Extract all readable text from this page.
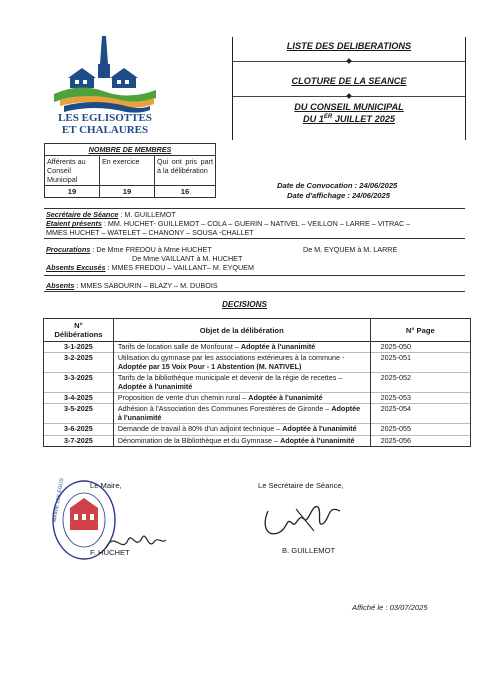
LES EGLISOTTES
ET CHALAURES
LISTE DES DELIBERATIONS
CLOTURE DE LA SEANCE
DU CONSEIL MUNICIPAL
DU 1ER JUILLET 2025
NOMBRE DE MEMBRES		
Afférents au Conseil Municipal	En exercice	Qui ont pris part à la délibération
19	19	16
Date de Convocation : 24/06/2025
Date d'affichage : 24/06/2025
Secrétaire de Séance : M. GUILLEMOT
Etaient présents : MM. HUCHET- GUILLEMOT – COLA – GUERIN – NATIVEL – VEILLON – LARRE – VITRAC –
MMES HUCHET – WATELET – CHANONY – SOUSA -CHALLET
Procurations : De Mme FREDOU à Mme HUCHET	De M. EYQUEM à M. LARRE
De Mme VAILLANT à M. HUCHET
Absents Excusés : MMES FREDOU – VAILLANT– M. EYQUEM
Absents : MMES SABOURIN – BLAZY – M. DUBOIS
DECISIONS
N°
Délibérations	Objet de la délibération	N° Page
3-1-2025	Tarifs de location salle de Monfourat – Adoptée à l'unanimité	2025-050
3-2-2025	Utilisation du gymnase par les associations extérieures à la commune - Adoptée par 15 Voix Pour - 1 Abstention (M. NATIVEL)	2025-051
3-3-2025	Tarifs de la bibliothèque municipale et devenir de la régie de recettes – Adoptée à l'unanimité	2025-052
3-4-2025	Proposition de vente d'un chemin rural – Adoptée à l'unanimité	2025-053
3-5-2025	Adhésion à l'Association des Communes Forestières de Gironde – Adoptée à l'unanimité	2025-054
3-6-2025	Demande de travail à 80% d'un adjoint technique – Adoptée à l'unanimité	2025-055
3-7-2025	Dénomination de la Bibliothèque et du Gymnase – Adoptée à l'unanimité	2025-056
Le Maire,
F. HUCHET
Le Secrétaire de Séance,
B. GUILLEMOT
Affiché le : 03/07/2025
